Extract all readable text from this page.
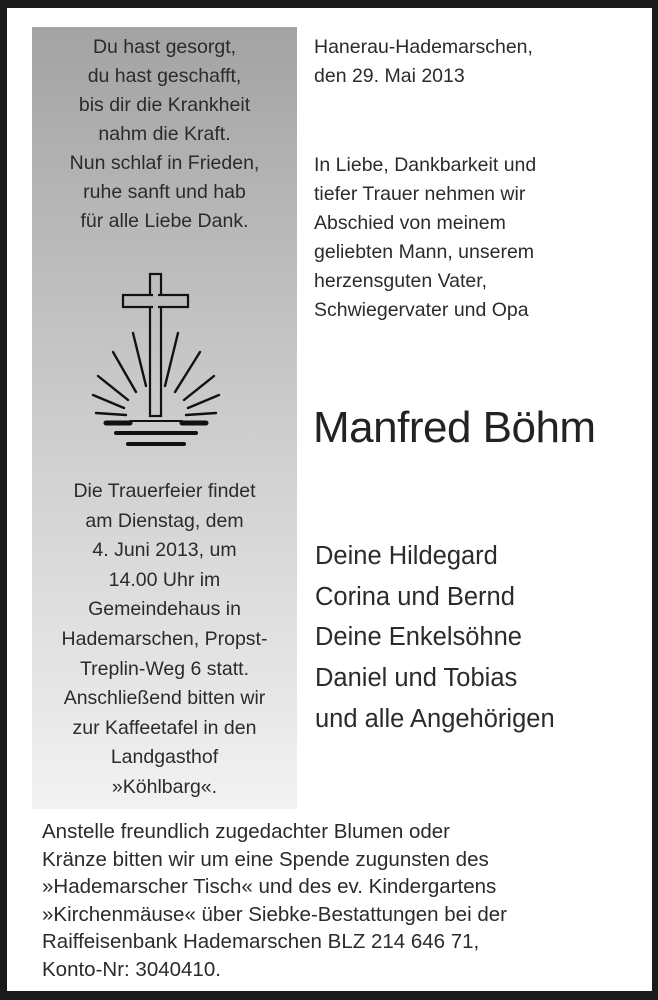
Du hast gesorgt,
du hast geschafft,
bis dir die Krankheit
nahm die Kraft.
Nun schlaf in Frieden,
ruhe sanft und hab
für alle Liebe Dank.
Die Trauerfeier findet
am Dienstag, dem
4. Juni 2013, um
14.00 Uhr im
Gemeindehaus in
Hademarschen, Propst-
Treplin-Weg 6 statt.
Anschließend bitten wir
zur Kaffeetafel in den
Landgasthof
»Köhlbarg«.
Hanerau-Hademarschen,
den 29. Mai 2013
In Liebe, Dankbarkeit und
tiefer Trauer nehmen wir
Abschied von meinem
geliebten Mann, unserem
herzensguten Vater,
Schwiegervater und Opa
Manfred Böhm
Deine Hildegard
Corina und Bernd
Deine Enkelsöhne
Daniel und Tobias
und alle Angehörigen
Anstelle freundlich zugedachter Blumen oder
Kränze bitten wir um eine Spende zugunsten des
»Hademarscher Tisch« und des ev. Kindergartens
»Kirchenmäuse« über Siebke-Bestattungen bei der
Raiffeisenbank Hademarschen BLZ 214 646 71,
Konto-Nr: 3040410.
